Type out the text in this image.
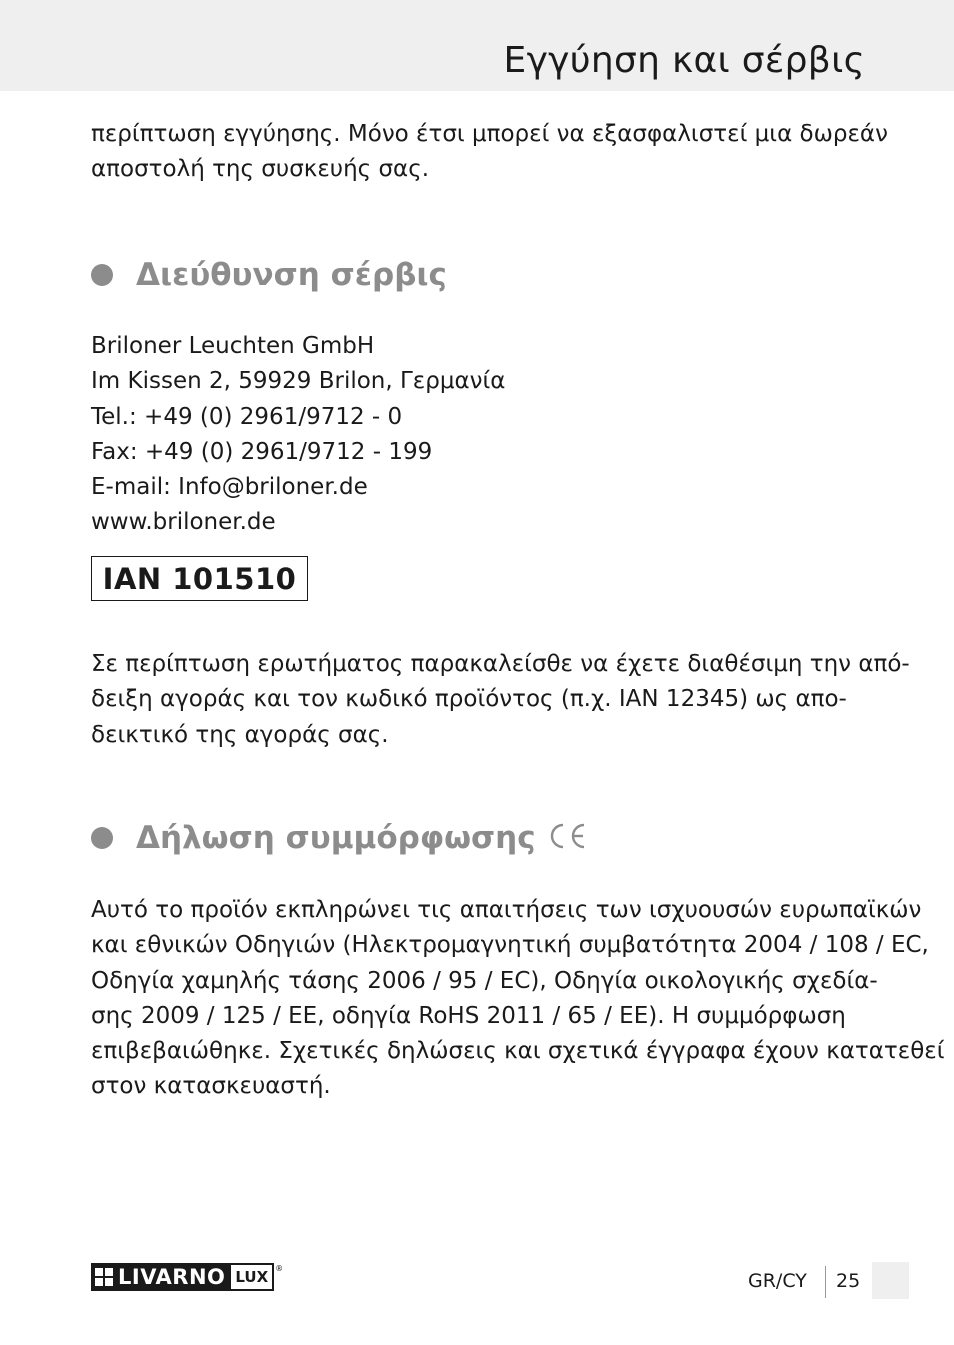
Εγγύηση και σέρβις
περίπτωση εγγύησης. Μόνο έτσι μπορεί να εξασφαλιστεί μια δωρεάν
αποστολή της συσκευής σας.
Διεύθυνση σέρβις
Briloner Leuchten GmbH
Im Kissen 2, 59929 Brilon, Γερμανία
Tel.: +49 (0) 2961/9712 - 0
Fax: +49 (0) 2961/9712 - 199
E-mail: Info@briloner.de
www.briloner.de
IAN 101510
Σε περίπτωση ερωτήματος παρακαλείσθε να έχετε διαθέσιμη την από-
δειξη αγοράς και τον κωδικό προϊόντος (π.χ. IAN 12345) ως απο-
δεικτικό της αγοράς σας.
Δήλωση συμμόρφωσης
Αυτό το προϊόν εκπληρώνει τις απαιτήσεις των ισχυουσών ευρωπαϊκών
και εθνικών Οδηγιών (Ηλεκτρομαγνητική συμβατότητα 2004 / 108 / EC,
Οδηγία χαμηλής τάσης 2006 / 95 / EC), Οδηγία οικολογικής σχεδία-
σης 2009 / 125 / EE, οδηγία RoHS 2011 / 65 / EE). Η συμμόρφωση
επιβεβαιώθηκε. Σχετικές δηλώσεις και σχετικά έγγραφα έχουν κατατεθεί
στον κατασκευαστή.
LIVARNO LUX ®
GR/CY 25
